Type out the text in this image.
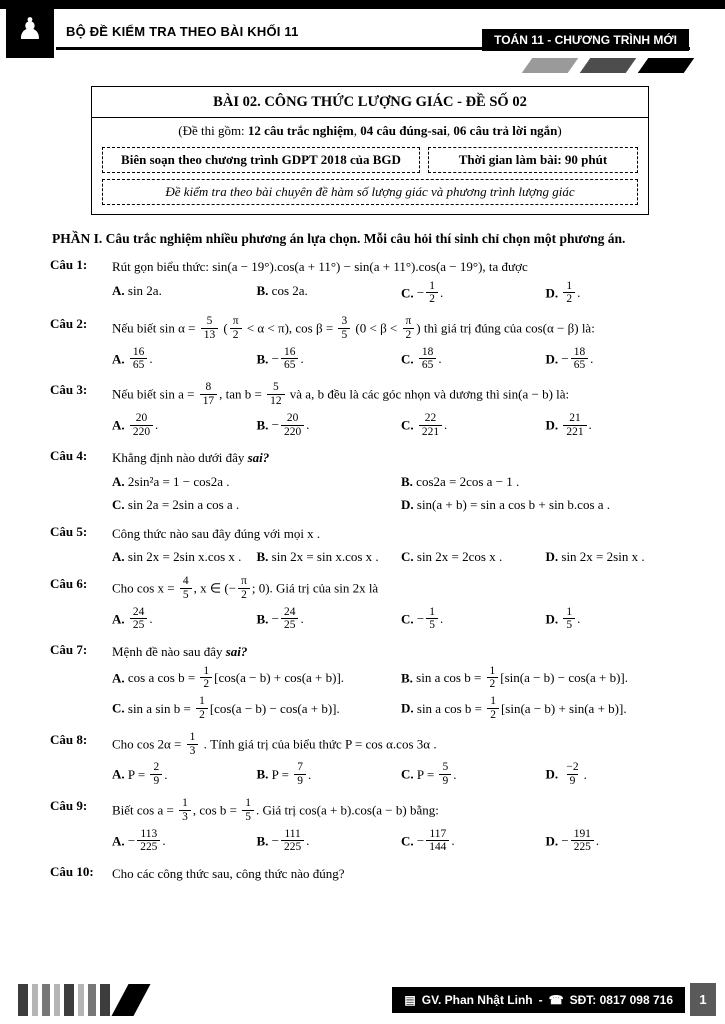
♟ BỘ ĐỀ KIỂM TRA THEO BÀI KHỐI 11
TOÁN 11 - CHƯƠNG TRÌNH MỚI
BÀI 02. CÔNG THỨC LƯỢNG GIÁC - ĐỀ SỐ 02
(Đề thi gồm: 12 câu trắc nghiệm, 04 câu đúng-sai, 06 câu trả lời ngắn)
Biên soạn theo chương trình GDPT 2018 của BGD	Thời gian làm bài: 90 phút
Đề kiểm tra theo bài chuyên đề hàm số lượng giác và phương trình lượng giác
PHẦN I. Câu trắc nghiệm nhiều phương án lựa chọn. Mỗi câu hỏi thí sinh chỉ chọn một phương án.
Câu 1:	Rút gọn biểu thức: sin(a − 19°).cos(a + 11°) − sin(a + 11°).cos(a − 19°), ta được
A. sin 2a.	B. cos 2a.	C. − $\frac{1}{2}$ .	D. $\frac{1}{2}$ .
Câu 2:	Nếu biết $\sin \alpha = \frac{5}{13}$ ( $\frac{\pi}{2} < \alpha < \pi$), $\cos \beta = \frac{3}{5} (0 < \beta < \frac{\pi}{2}$ ) thì giá trị đúng của cos(α − β) là:
A. $\frac{16}{65}$ .	B. − $\frac{16}{65}$ .	C. $\frac{18}{65}$ .	D. − $\frac{18}{65}$ .
Câu 3:	Nếu biết $\sin a = \frac{8}{17}$ , $\tan b = \frac{5}{12}$ và a, b đều là các góc nhọn và dương thì sin(a − b) là:
A. $\frac{20}{220}$ .	B. − $\frac{20}{220}$ .	C. $\frac{22}{221}$ .	D. $\frac{21}{221}$ .
Câu 4:	Khẳng định nào dưới đây sai?
A. 2sin²a = 1 − cos2a .	B. cos2a = 2cos a − 1 .
C. sin 2a = 2sin a cos a .	D. sin(a + b) = sin a cos b + sin b.cos a .
Câu 5:	Công thức nào sau đây đúng với mọi x .
A. sin 2x = 2sin x.cos x .	B. sin 2x = sin x.cos x .	C. sin 2x = 2cos x .	D. sin 2x = 2sin x .
Câu 6:	Cho $\cos x = \frac{4}{5}$ , x ∈ (− $\frac{\pi}{2}$ ; 0). Giá trị của sin 2x là
A. $\frac{24}{25}$ .	B. − $\frac{24}{25}$ .	C. − $\frac{1}{5}$ .	D. $\frac{1}{5}$ .
Câu 7:	Mệnh đề nào sau đây sai?
A. cos a $\cos b = \frac{1}{2} [\cos(a - b) + \cos(a + b)]$.	B. sin a $\cos b = \frac{1}{2} [\sin(a - b) - \cos(a + b)]$.
C. sin a $\sin b = \frac{1}{2} [\cos(a - b) - \cos(a + b)]$.	D. sin a $\cos b = \frac{1}{2} [\sin(a - b) + \sin(a + b)]$.
Câu 8:	Cho $\cos 2\alpha = \frac{1}{3}$ . Tính giá trị của biểu thức P = cos α.cos 3α .
A. $P = \frac{2}{9}$ .	B. $P = \frac{7}{9}$ .	C. $P = \frac{5}{9}$ .	D. $\frac{-2}{9}$ .
Câu 9:	Biết $\cos a = \frac{1}{3}$ , $\cos b = \frac{1}{5}$ . Giá trị cos(a + b).cos(a − b) bằng:
A. − $\frac{113}{225}$ .	B. − $\frac{111}{225}$ .	C. − $\frac{117}{144}$ .	D. − $\frac{191}{225}$ .
Câu 10:	Cho các công thức sau, công thức nào đúng?
▤ GV. Phan Nhật Linh - ☎ SĐT: 0817 098 716	1
